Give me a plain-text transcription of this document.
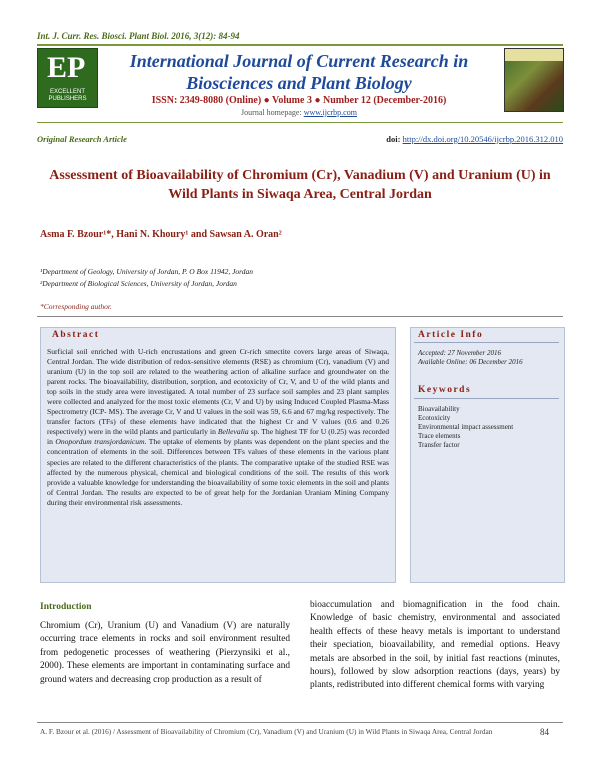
Int. J. Curr. Res. Biosci. Plant Biol. 2016, 3(12): 84-94
E P
EXCELLENT PUBLISHERS
International Journal of Current Research in Biosciences and Plant Biology
ISSN: 2349-8080 (Online) ● Volume 3 ● Number 12 (December-2016)
Journal homepage: www.ijcrbp.com
Original Research Article	doi: http://dx.doi.org/10.20546/ijcrbp.2016.312.010
Assessment of Bioavailability of Chromium (Cr), Vanadium (V) and Uranium (U) in Wild Plants in Siwaqa Area, Central Jordan
Asma F. Bzour¹*, Hani N. Khoury¹ and Sawsan A. Oran²
¹Department of Geology, University of Jordan, P. O Box 11942, Jordan
²Department of Biological Sciences, University of Jordan, Jordan
*Corresponding author.
Abstract
Surficial soil enriched with U-rich encrustations and green Cr-rich smectite covers large areas of Siwaqa, Central Jordan. The wide distribution of redox-sensitive elements (RSE) as chromium (Cr), vanadium (V) and uranium (U) in the top soil are related to the weathering action of alkaline surface and groundwater on the parent rocks. The bioavailability, distribution, sorption, and ecotoxicity of Cr, V, and U of the wild plants and top soils in the study area were investigated. A total number of 23 surface soil samples and 23 plant samples were collected and analyzed for the most toxic elements (Cr, V and U) by using Induced Coupled Plasma-Mass Spectrometry (ICP- MS). The average Cr, V and U values in the soil was 59, 6.6 and 67 mg/kg respectively. The transfer factors (TFs) of these elements have indicated that the highest Cr and V values (0.6 and 0.26 respectively) were in the wild plants and particularly in Bellevalia sp. The highest TF for U (0.25) was recorded in Onopordum transjordanicum. The uptake of elements by plants was dependent on the plant species and the concentration of elements in the soil. Differences between TFs values of these elements in the various plant species are related to the different characteristics of the plants. The comparative uptake of the studied RSE was affected by the numerous physical, chemical and biological conditions of the soil. The results of this work provide a valuable knowledge for understanding the bioavailability of some toxic elements in the soil and plants of Central Jordan. The results are expected to be of great help for the Jordanian Uraniam Mining Company during their environmental risk assessments.
Article Info
Accepted: 27 November 2016
Available Online: 06 December 2016
Keywords
Bioavailability
Ecotoxicity
Environmental impact assessment
Trace elements
Transfer factor
Introduction
Chromium (Cr), Uranium (U) and Vanadium (V) are naturally occurring trace elements in rocks and soil environment resulted from pedogenetic processes of weathering (Pierzynsiki et al., 2000). These elements are important in contaminating surface and ground waters and decreasing crop production as a result of
bioaccumulation and biomagnification in the food chain. Knowledge of basic chemistry, environmental and associated health effects of these heavy metals is important to understand their speciation, bioavailability, and remedial options. Heavy metals are absorbed in the soil, by initial fast reactions (minutes, hours), followed by slow adsorption reactions (days, years) by plants, redistributed into different chemical forms with varying
A. F. Bzour et al. (2016) / Assessment of Bioavailability of Chromium (Cr), Vanadium (V) and Uranium (U) in Wild Plants in Siwaqa Area, Central Jordan	84
